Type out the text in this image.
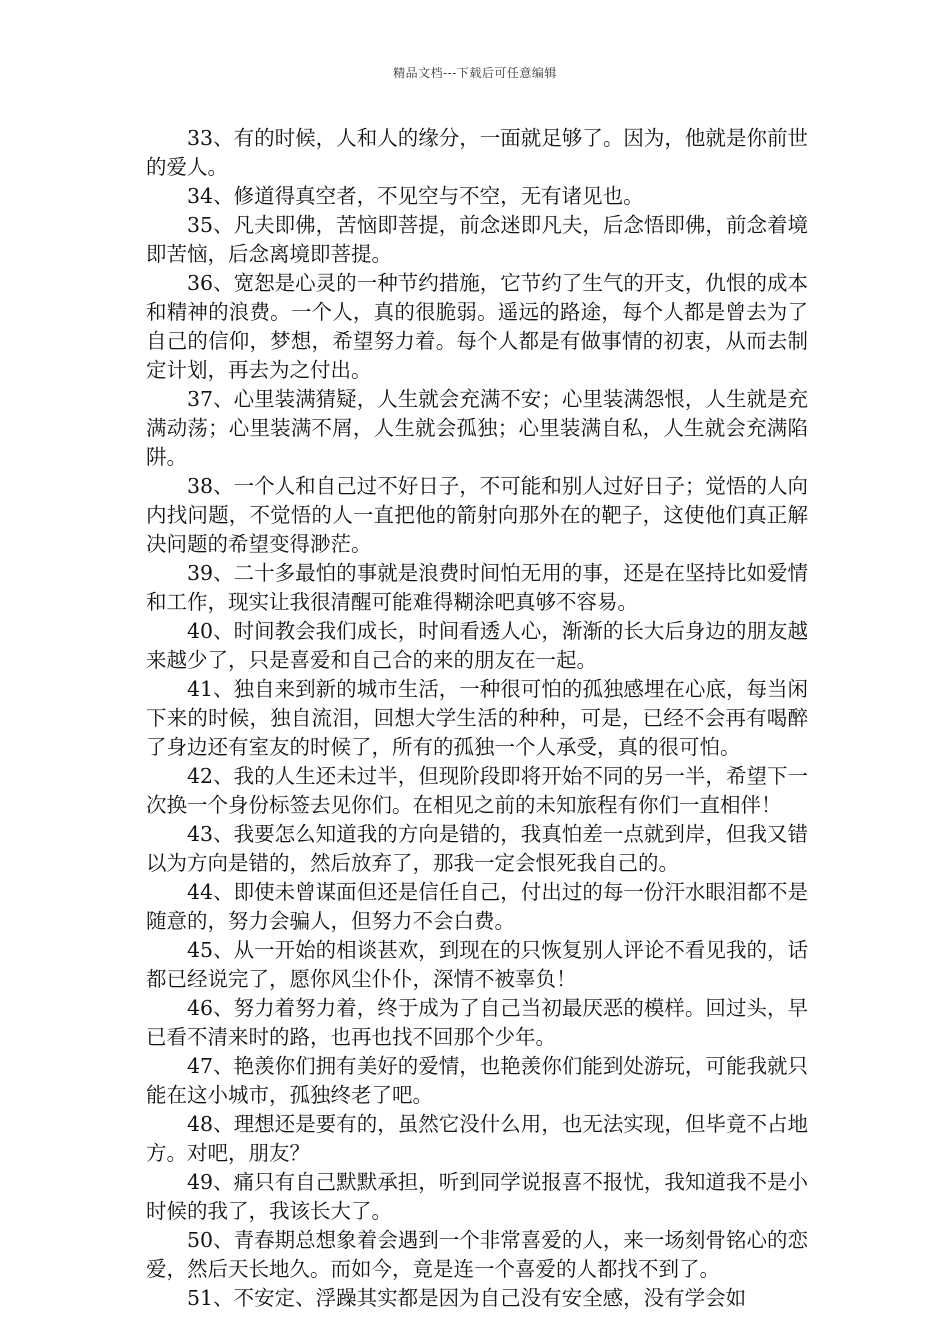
精品文档---下载后可任意编辑

33、有的时候，人和人的缘分，一面就足够了。因为，他就是你前世的爱人。

34、修道得真空者，不见空与不空，无有诸见也。

35、凡夫即佛，苦恼即菩提，前念迷即凡夫，后念悟即佛，前念着境即苦恼，后念离境即菩提。

36、宽恕是心灵的一种节约措施，它节约了生气的开支，仇恨的成本和精神的浪费。一个人，真的很脆弱。遥远的路途，每个人都是曾去为了自己的信仰，梦想，希望努力着。每个人都是有做事情的初衷，从而去制定计划，再去为之付出。

37、心里装满猜疑，人生就会充满不安；心里装满怨恨，人生就是充满动荡；心里装满不屑，人生就会孤独；心里装满自私，人生就会充满陷阱。

38、一个人和自己过不好日子，不可能和别人过好日子；觉悟的人向内找问题，不觉悟的人一直把他的箭射向那外在的靶子，这使他们真正解决问题的希望变得渺茫。

39、二十多最怕的事就是浪费时间怕无用的事，还是在坚持比如爱情和工作，现实让我很清醒可能难得糊涂吧真够不容易。

40、时间教会我们成长，时间看透人心，渐渐的长大后身边的朋友越来越少了，只是喜爱和自己合的来的朋友在一起。

41、独自来到新的城市生活，一种很可怕的孤独感埋在心底，每当闲下来的时候，独自流泪，回想大学生活的种种，可是，已经不会再有喝醉了身边还有室友的时候了，所有的孤独一个人承受，真的很可怕。

42、我的人生还未过半，但现阶段即将开始不同的另一半，希望下一次换一个身份标签去见你们。在相见之前的未知旅程有你们一直相伴！

43、我要怎么知道我的方向是错的，我真怕差一点就到岸，但我又错以为方向是错的，然后放弃了，那我一定会恨死我自己的。

44、即使未曾谋面但还是信任自己，付出过的每一份汗水眼泪都不是随意的，努力会骗人，但努力不会白费。

45、从一开始的相谈甚欢，到现在的只恢复别人评论不看见我的，话都已经说完了，愿你风尘仆仆，深情不被辜负！

46、努力着努力着，终于成为了自己当初最厌恶的模样。回过头，早已看不清来时的路，也再也找不回那个少年。

47、艳羡你们拥有美好的爱情，也艳羡你们能到处游玩，可能我就只能在这小城市，孤独终老了吧。

48、理想还是要有的，虽然它没什么用，也无法实现，但毕竟不占地方。对吧，朋友？

49、痛只有自己默默承担，听到同学说报喜不报忧，我知道我不是小时候的我了，我该长大了。

50、青春期总想象着会遇到一个非常喜爱的人，来一场刻骨铭心的恋爱，然后天长地久。而如今，竟是连一个喜爱的人都找不到了。

51、不安定、浮躁其实都是因为自己没有安全感，没有学会如
